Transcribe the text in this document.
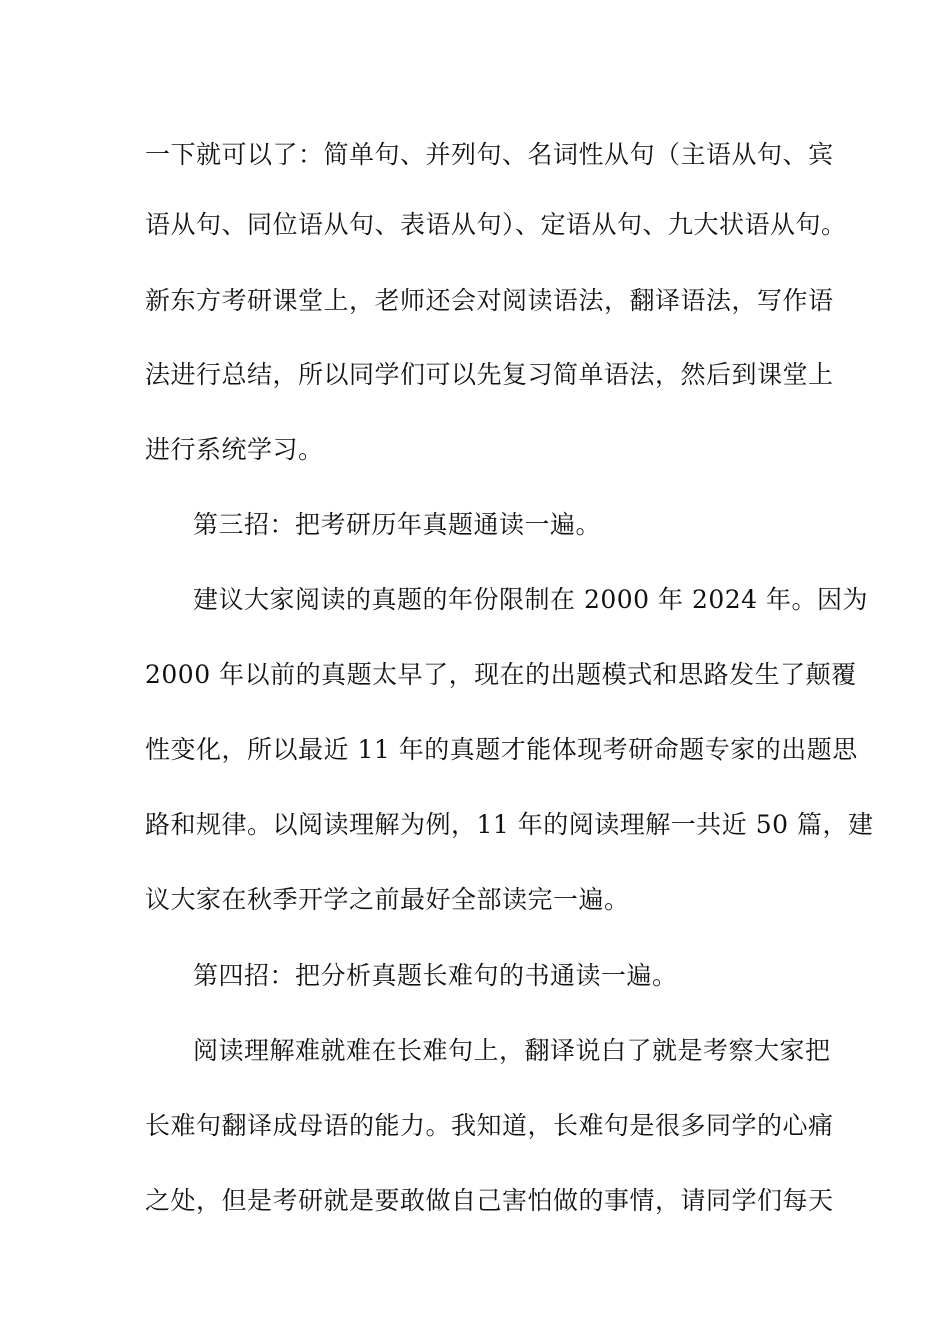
一下就可以了：简单句、并列句、名词性从句（主语从句、宾
语从句、同位语从句、表语从句）、定语从句、九大状语从句。
新东方考研课堂上，老师还会对阅读语法，翻译语法，写作语
法进行总结，所以同学们可以先复习简单语法，然后到课堂上
进行系统学习。
第三招：把考研历年真题通读一遍。
建议大家阅读的真题的年份限制在 2000 年 2024 年。因为
2000 年以前的真题太早了，现在的出题模式和思路发生了颠覆
性变化，所以最近 11 年的真题才能体现考研命题专家的出题思
路和规律。以阅读理解为例，11 年的阅读理解一共近 50 篇，建
议大家在秋季开学之前最好全部读完一遍。
第四招：把分析真题长难句的书通读一遍。
阅读理解难就难在长难句上，翻译说白了就是考察大家把
长难句翻译成母语的能力。我知道，长难句是很多同学的心痛
之处，但是考研就是要敢做自己害怕做的事情，请同学们每天
